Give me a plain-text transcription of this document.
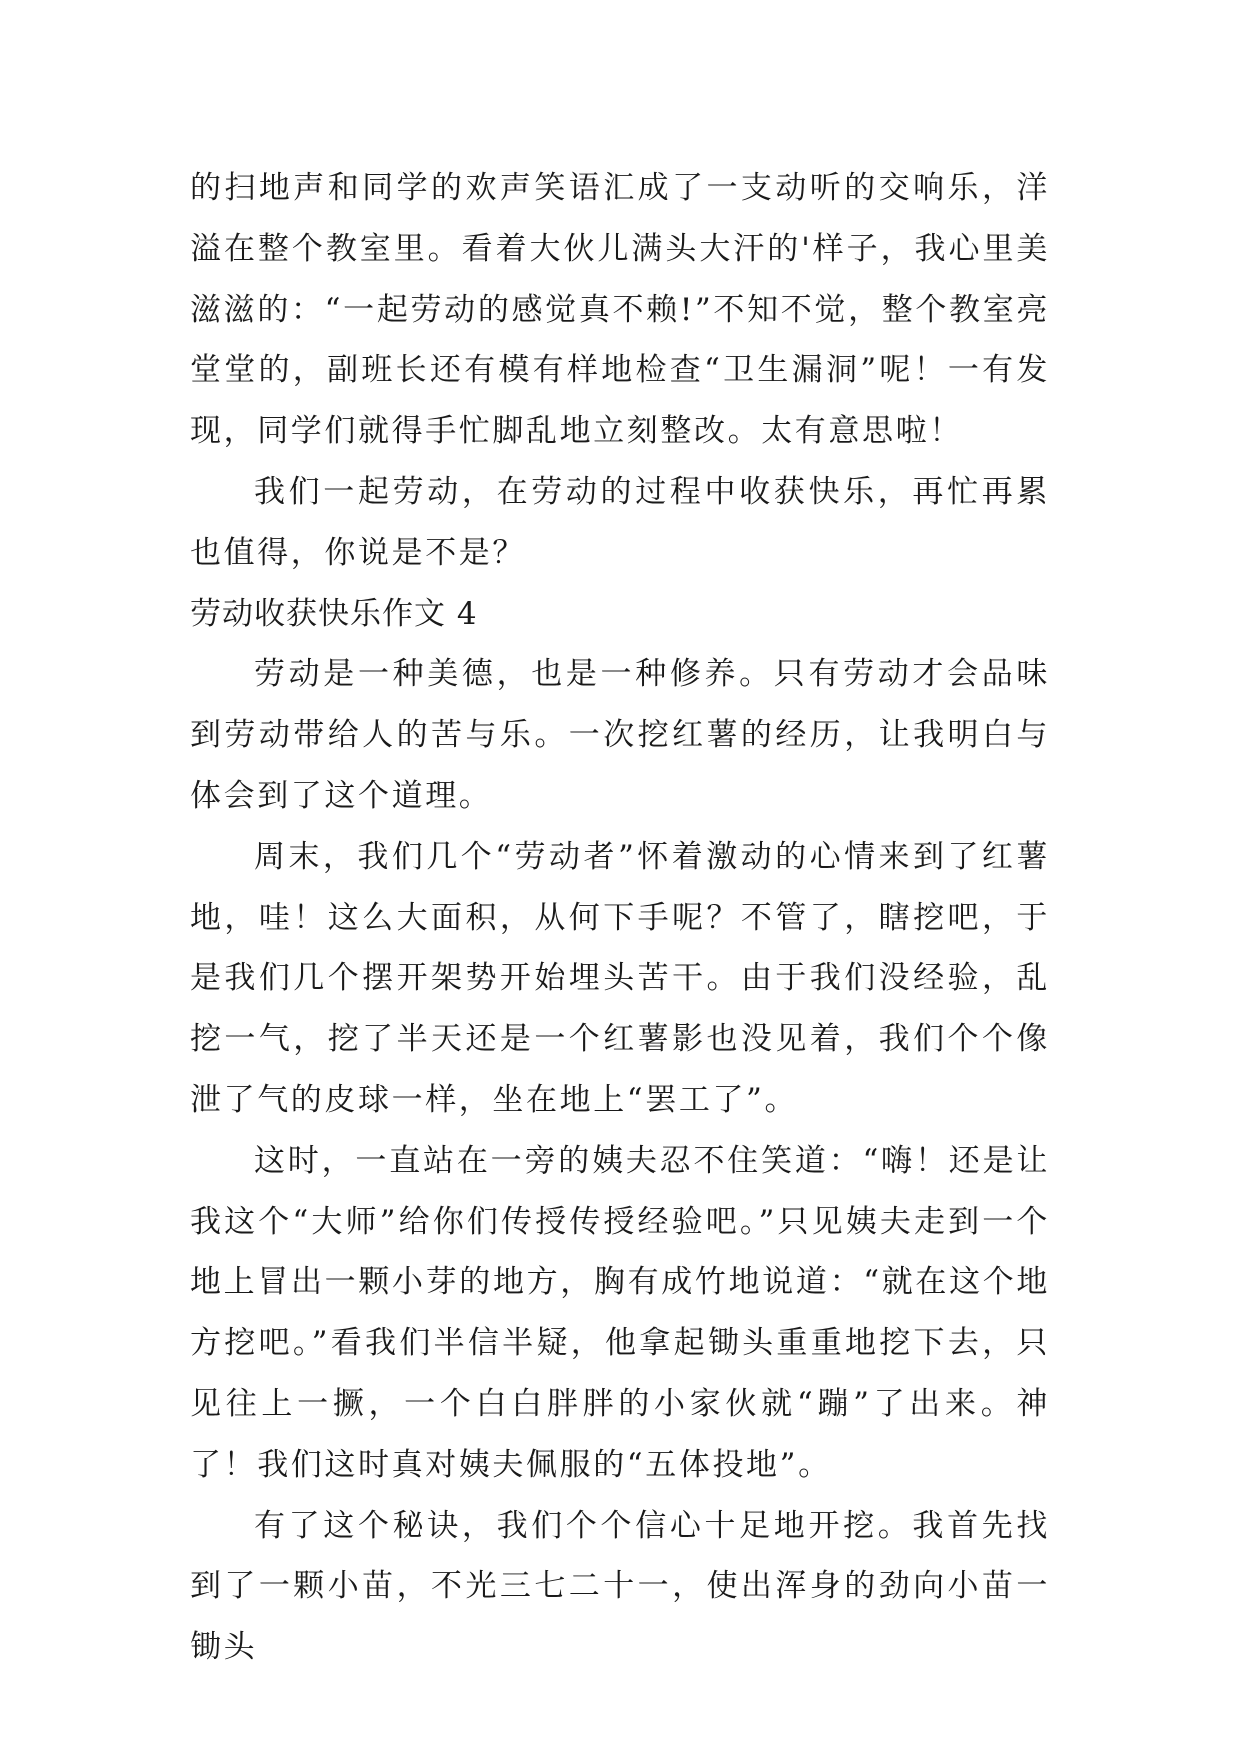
的扫地声和同学的欢声笑语汇成了一支动听的交响乐，洋溢在整个教室里。看着大伙儿满头大汗的'样子，我心里美滋滋的：“一起劳动的感觉真不赖!”不知不觉，整个教室亮堂堂的，副班长还有模有样地检查“卫生漏洞”呢！一有发现，同学们就得手忙脚乱地立刻整改。太有意思啦！

我们一起劳动，在劳动的过程中收获快乐，再忙再累也值得，你说是不是？

劳动收获快乐作文 4

劳动是一种美德，也是一种修养。只有劳动才会品味到劳动带给人的苦与乐。一次挖红薯的经历，让我明白与体会到了这个道理。

周末，我们几个“劳动者”怀着激动的心情来到了红薯地，哇！这么大面积，从何下手呢？不管了，瞎挖吧，于是我们几个摆开架势开始埋头苦干。由于我们没经验，乱挖一气，挖了半天还是一个红薯影也没见着，我们个个像泄了气的皮球一样，坐在地上“罢工了”。

这时，一直站在一旁的姨夫忍不住笑道：“嗨！还是让我这个“大师”给你们传授传授经验吧。”只见姨夫走到一个地上冒出一颗小芽的地方，胸有成竹地说道：“就在这个地方挖吧。”看我们半信半疑，他拿起锄头重重地挖下去，只见往上一撅，一个白白胖胖的小家伙就“蹦”了出来。神了！我们这时真对姨夫佩服的“五体投地”。

有了这个秘诀，我们个个信心十足地开挖。我首先找到了一颗小苗，不光三七二十一，使出浑身的劲向小苗一锄头
